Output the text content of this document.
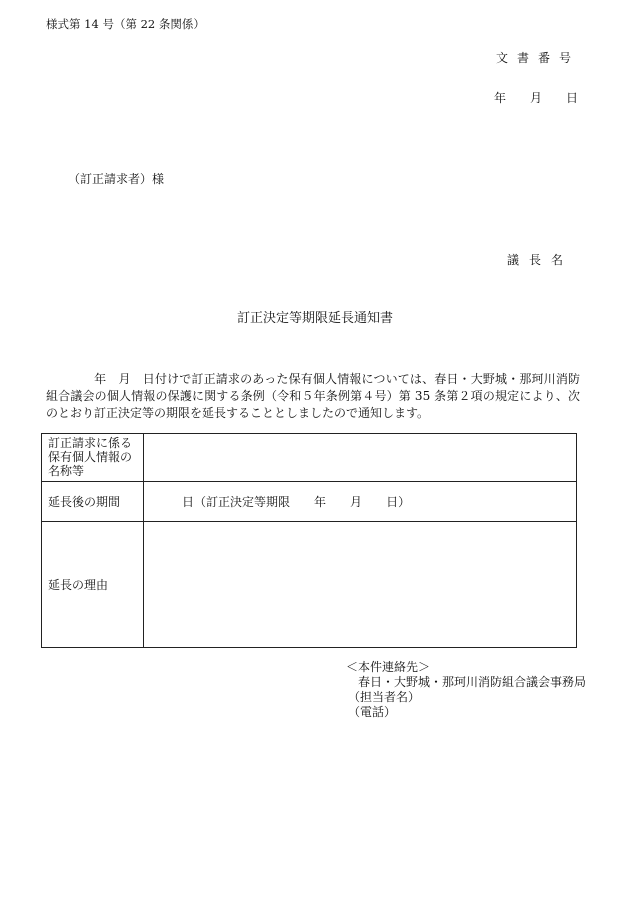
様式第 14 号（第 22 条関係）
文書番号
年 月 日
（訂正請求者）様
議長名
訂正決定等期限延長通知書
年　月　日付けで訂正請求のあった保有個人情報については、春日・大野城・那珂川消防組合議会の個人情報の保護に関する条例（令和５年条例第４号）第 35 条第２項の規定により、次のとおり訂正決定等の期限を延長することとしましたので通知します。
訂正請求に係る保有個人情報の名称等	
延長後の期間	日（訂正決定等期限 年 月 日）
延長の理由	
＜本件連絡先＞
春日・大野城・那珂川消防組合議会事務局
（担当者名）
（電話）
